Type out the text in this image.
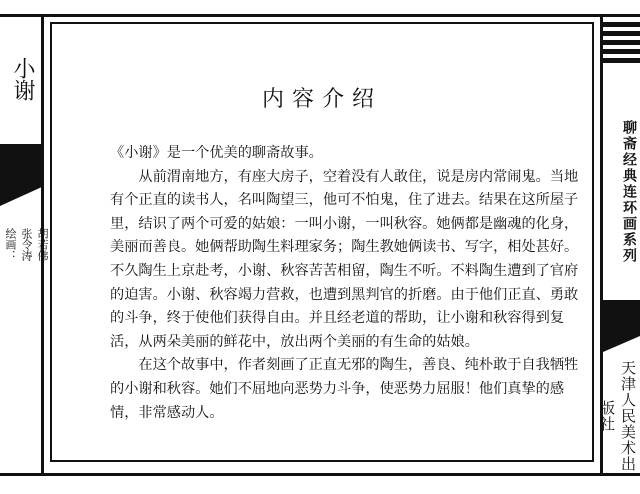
小谢
绘画： 张令涛 胡若佛
内容介绍

《小谢》是一个优美的聊斋故事。

从前渭南地方，有座大房子，空着没有人敢住，说是房内常闹鬼。当地有个正直的读书人，名叫陶望三，他可不怕鬼，住了进去。结果在这所屋子里，结识了两个可爱的姑娘：一叫小谢，一叫秋容。她俩都是幽魂的化身，美丽而善良。她俩帮助陶生料理家务；陶生教她俩读书、写字，相处甚好。不久陶生上京赴考，小谢、秋容苦苦相留，陶生不听。不料陶生遭到了官府的迫害。小谢、秋容竭力营救，也遭到黑判官的折磨。由于他们正直、勇敢的斗争，终于使他们获得自由。并且经老道的帮助，让小谢和秋容得到复活，从两朵美丽的鲜花中，放出两个美丽的有生命的姑娘。

在这个故事中，作者刻画了正直无邪的陶生，善良、纯朴敢于自我牺牲的小谢和秋容。她们不屈地向恶势力斗争，使恶势力屈服！他们真挚的感情，非常感动人。

聊斋经典连环画系列
天津人民美术出版社
